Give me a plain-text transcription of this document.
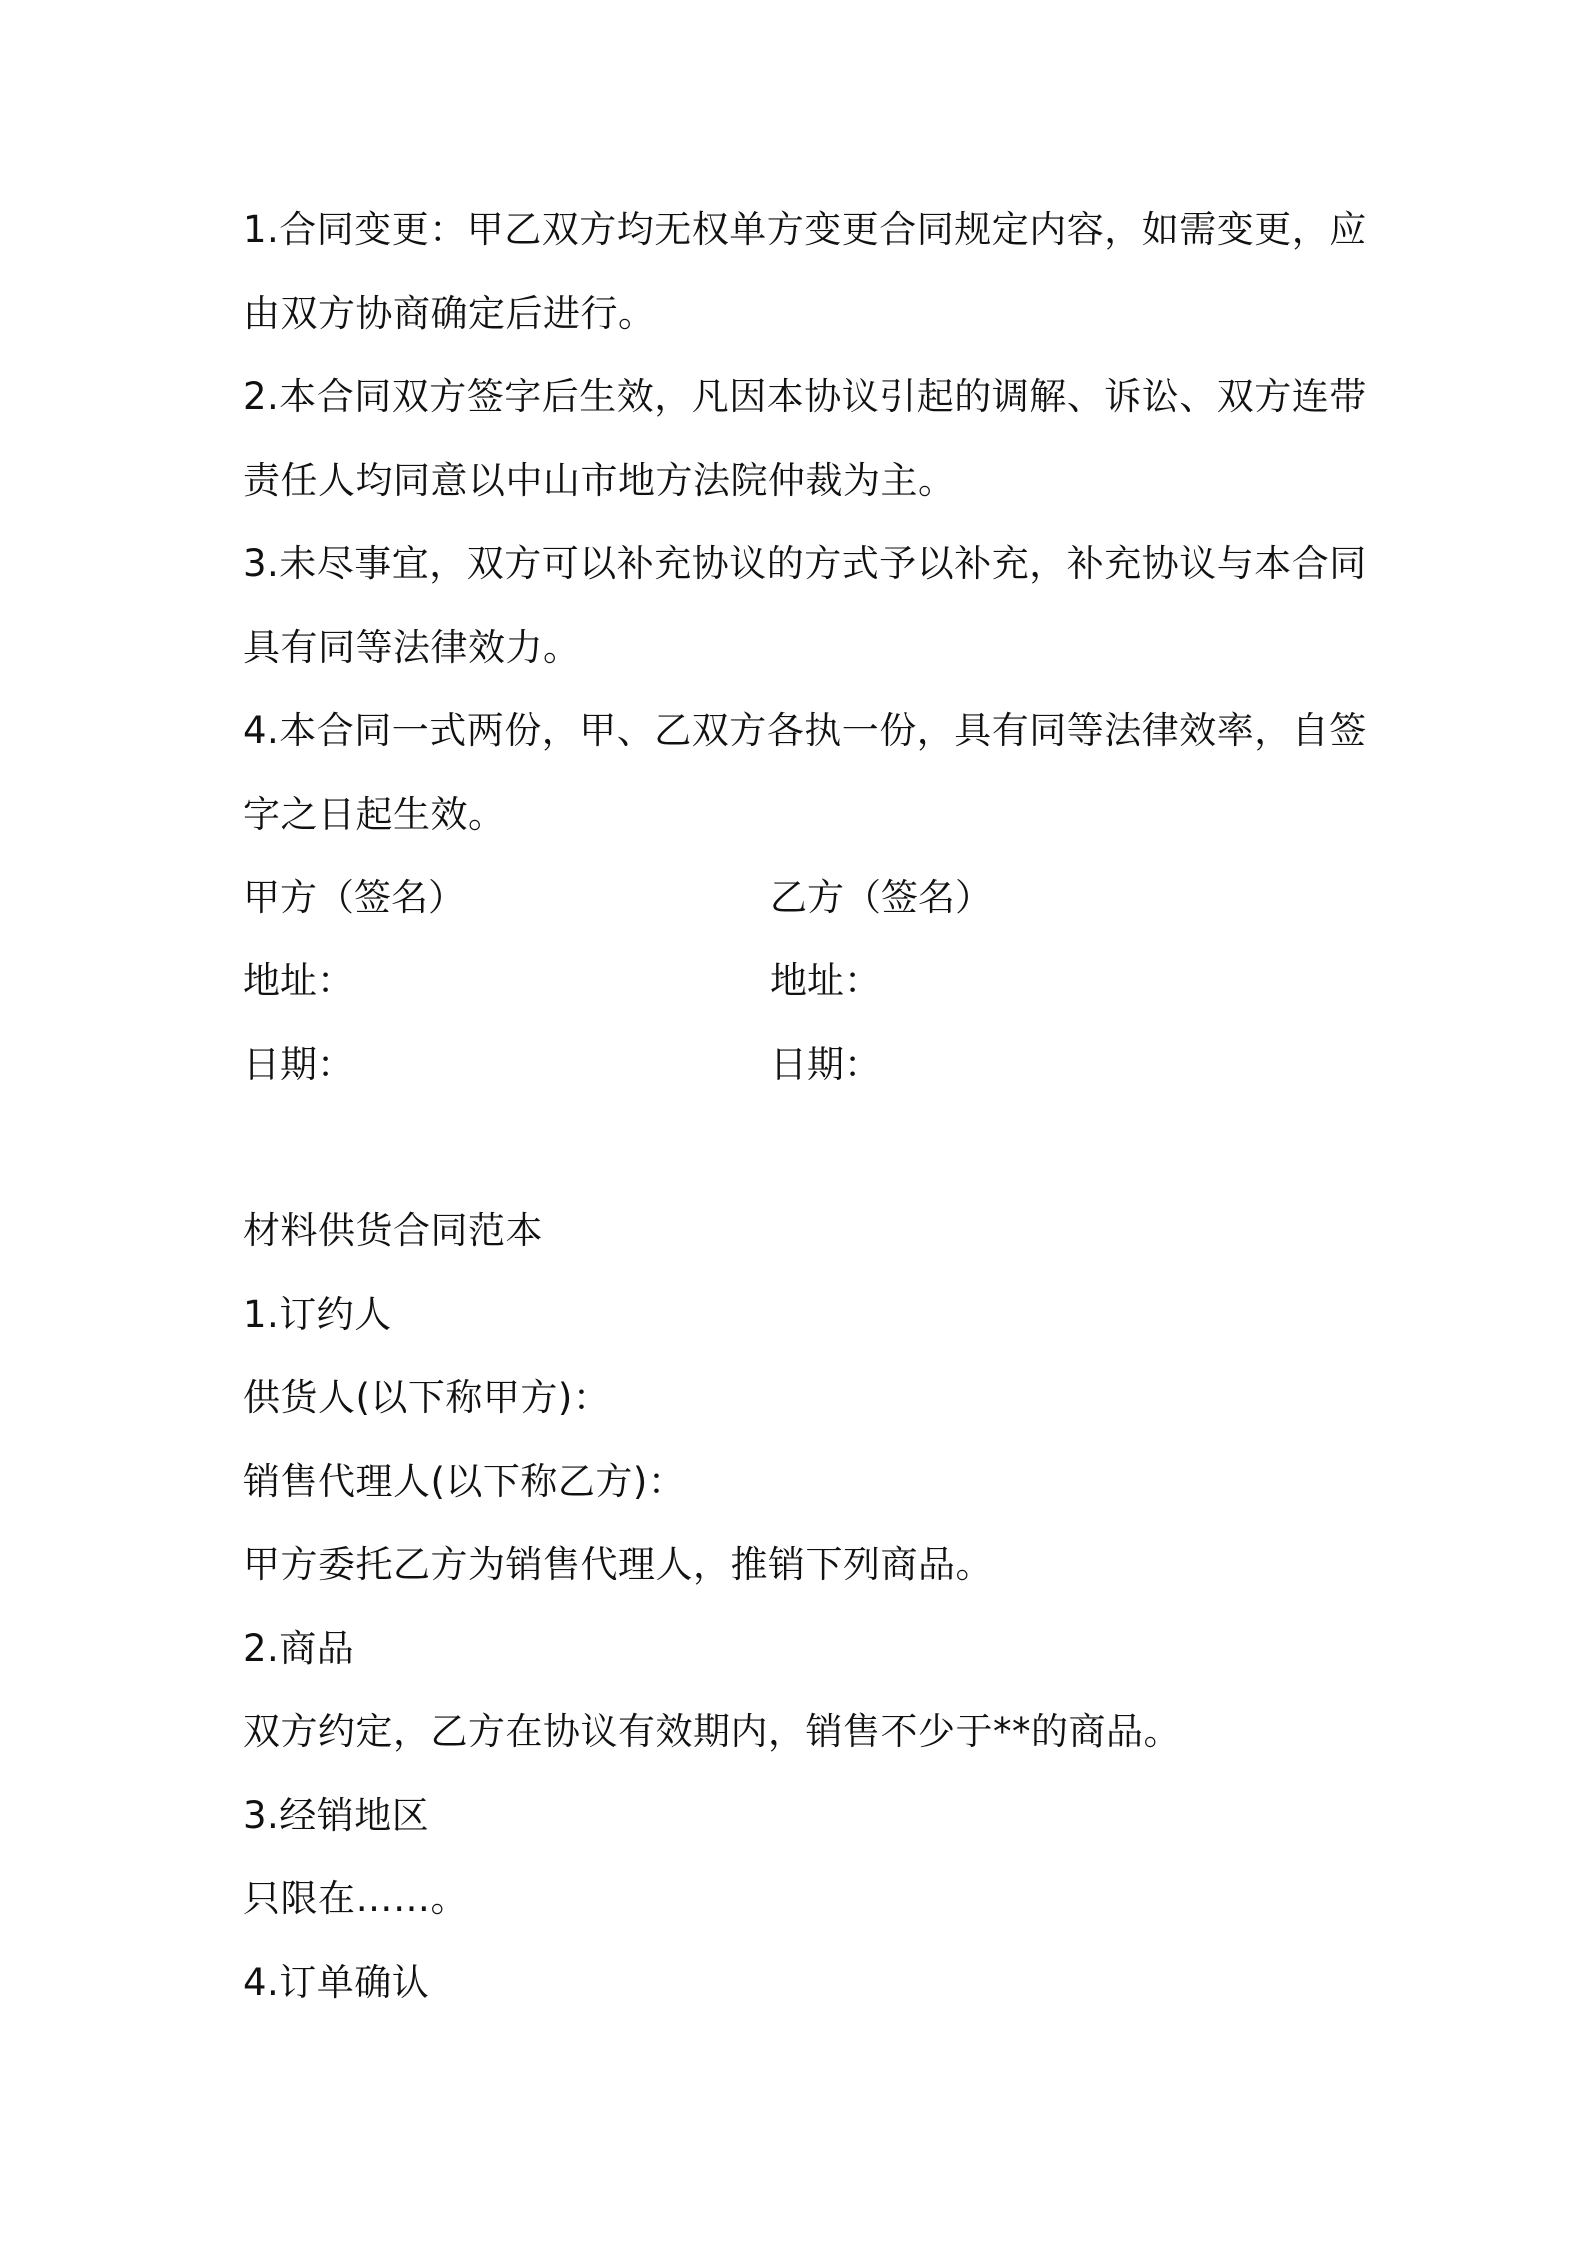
1.合同变更：甲乙双方均无权单方变更合同规定内容，如需变更，应
由双方协商确定后进行。
2.本合同双方签字后生效，凡因本协议引起的调解、诉讼、双方连带
责任人均同意以中山市地方法院仲裁为主。
3.未尽事宜，双方可以补充协议的方式予以补充，补充协议与本合同
具有同等法律效力。
4.本合同一式两份，甲、乙双方各执一份，具有同等法律效率，自签
字之日起生效。
甲方（签名）	乙方（签名）
地址：	地址：
日期：	日期：
材料供货合同范本
1.订约人
供货人(以下称甲方)：
销售代理人(以下称乙方)：
甲方委托乙方为销售代理人，推销下列商品。
2.商品
双方约定，乙方在协议有效期内，销售不少于**的商品。
3.经销地区
只限在……。
4.订单确认
